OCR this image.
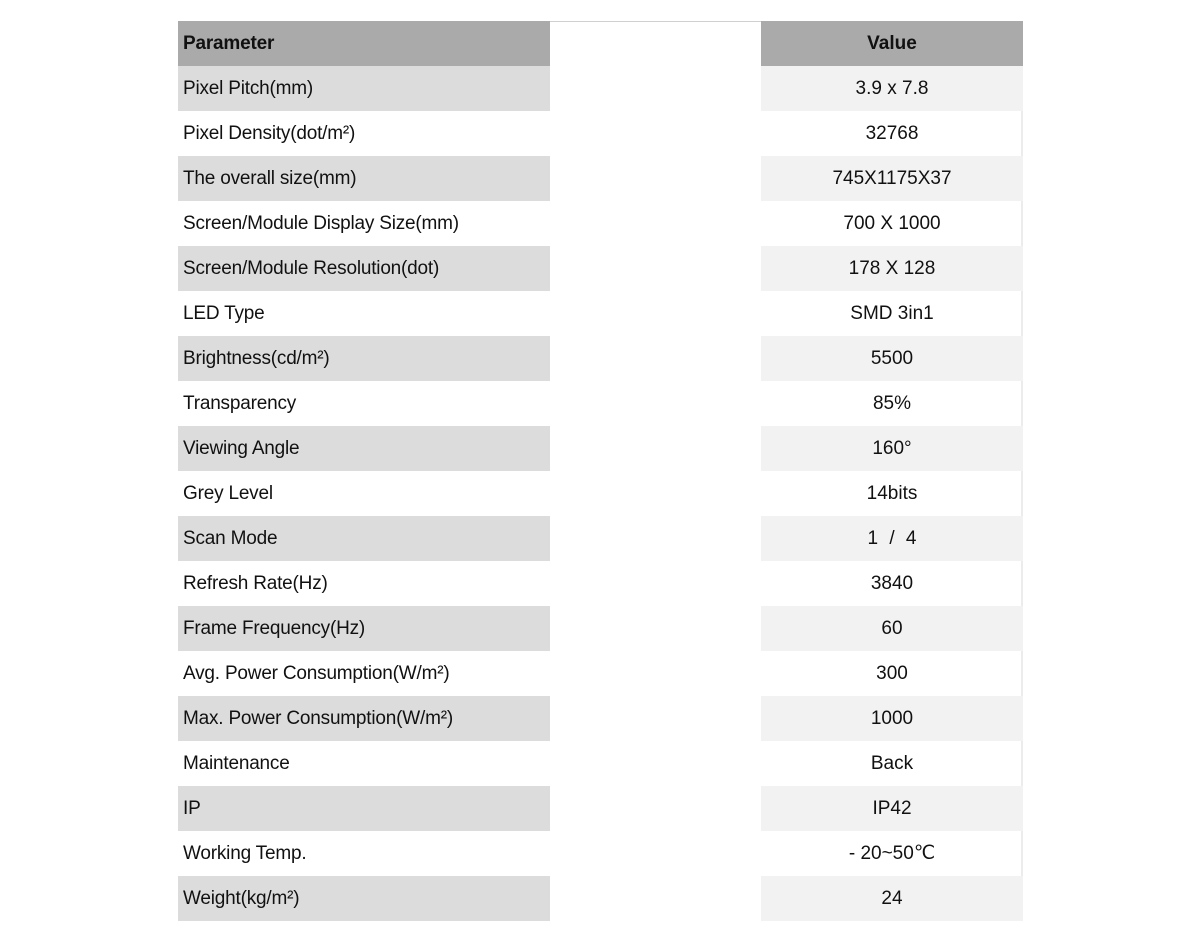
Parameter	Value
Pixel Pitch(mm)	3.9 x 7.8
Pixel Density(dot/m²)	32768
The overall size(mm)	745X1175X37
Screen/Module Display Size(mm)	700 X 1000
Screen/Module Resolution(dot)	178 X 128
LED Type	SMD 3in1
Brightness(cd/m²)	5500
Transparency	85%
Viewing Angle	160°
Grey Level	14bits
Scan Mode	1 / 4
Refresh Rate(Hz)	3840
Frame Frequency(Hz)	60
Avg. Power Consumption(W/m²)	300
Max. Power Consumption(W/m²)	1000
Maintenance	Back
IP	IP42
Working Temp.	- 20~50℃
Weight(kg/m²)	24
